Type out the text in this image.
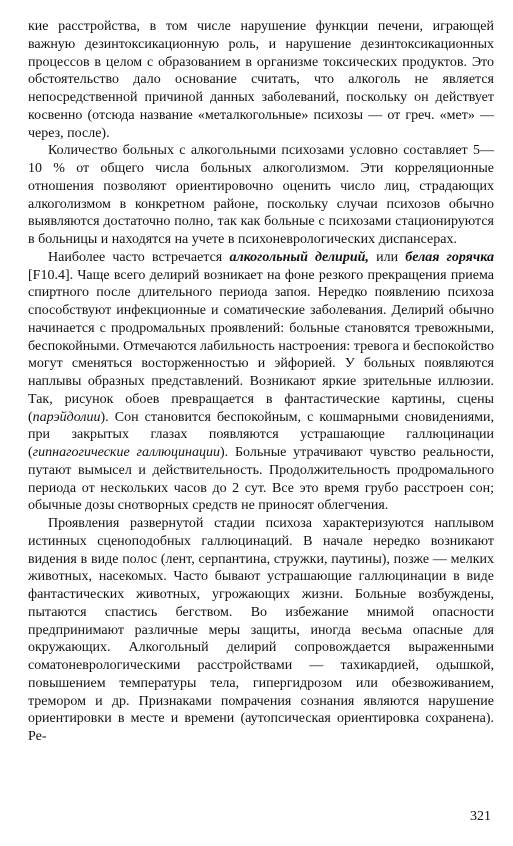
кие расстройства, в том числе нарушение функции печени, играющей важную дезинтоксикационную роль, и нарушение дезинтоксикационных процессов в целом с образованием в организме токсических продуктов. Это обстоятельство дало основание считать, что алкоголь не является непосредственной причиной данных заболеваний, поскольку он действует косвенно (отсюда название «металкогольные» психозы — от греч. «мет» — через, после).

Количество больных с алкогольными психозами условно составляет 5—10 % от общего числа больных алкоголизмом. Эти корреляционные отношения позволяют ориентировочно оценить число лиц, страдающих алкоголизмом в конкретном районе, поскольку случаи психозов обычно выявляются достаточно полно, так как больные с психозами стационируются в больницы и находятся на учете в психоневрологических диспансерах.

Наиболее часто встречается алкогольный делирий, или белая горячка [F10.4]. Чаще всего делирий возникает на фоне резкого прекращения приема спиртного после длительного периода запоя. Нередко появлению психоза способствуют инфекционные и соматические заболевания. Делирий обычно начинается с продромальных проявлений: больные становятся тревожными, беспокойными. Отмечаются лабильность настроения: тревога и беспокойство могут сменяться восторженностью и эйфорией. У больных появляются наплывы образных представлений. Возникают яркие зрительные иллюзии. Так, рисунок обоев превращается в фантастические картины, сцены (парэйдолии). Сон становится беспокойным, с кошмарными сновидениями, при закрытых глазах появляются устрашающие галлюцинации (гипнагогические галлюцинации). Больные утрачивают чувство реальности, путают вымысел и действительность. Продолжительность продромального периода от нескольких часов до 2 сут. Все это время грубо расстроен сон; обычные дозы снотворных средств не приносят облегчения.

Проявления развернутой стадии психоза характеризуются наплывом истинных сценоподобных галлюцинаций. В начале нередко возникают видения в виде полос (лент, серпантина, стружки, паутины), позже — мелких животных, насекомых. Часто бывают устрашающие галлюцинации в виде фантастических животных, угрожающих жизни. Больные возбуждены, пытаются спастись бегством. Во избежание мнимой опасности предпринимают различные меры защиты, иногда весьма опасные для окружающих. Алкогольный делирий сопровождается выраженными соматоневрологическими расстройствами — тахикардией, одышкой, повышением температуры тела, гипергидрозом или обезвоживанием, тремором и др. Признаками помрачения сознания являются нарушение ориентировки в месте и времени (аутопсическая ориентировка сохранена). Ре-

321
